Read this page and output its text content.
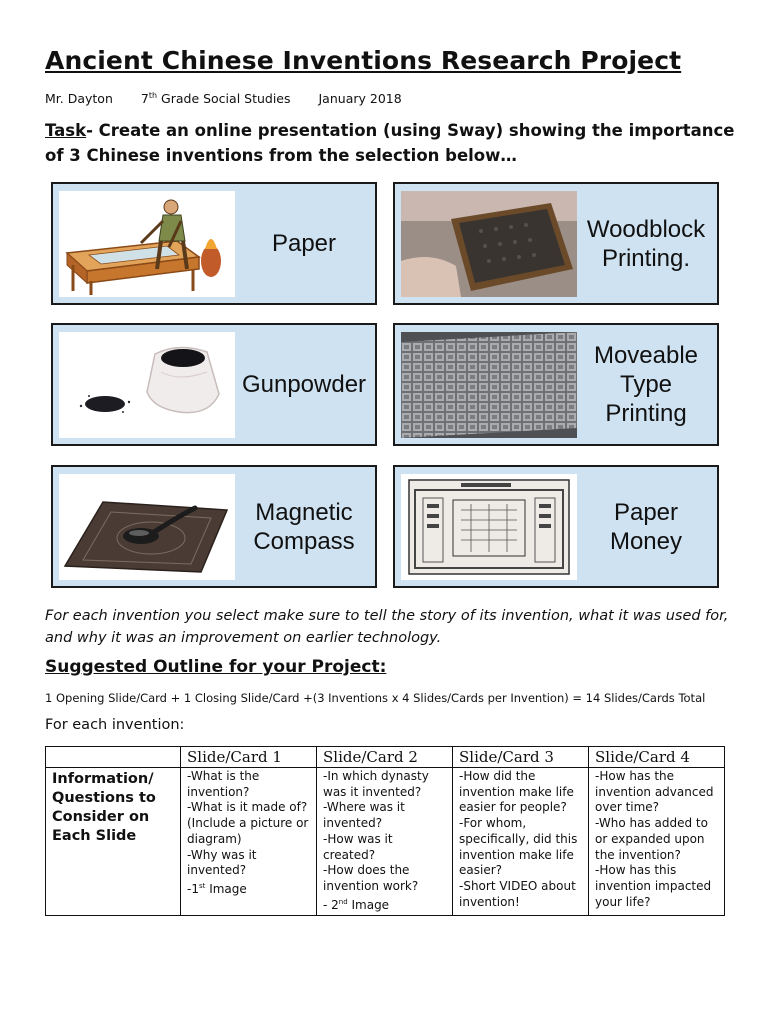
Ancient Chinese Inventions Research Project
Mr. Dayton 7th Grade Social Studies January 2018
Task- Create an online presentation (using Sway) showing the importance of 3 Chinese inventions from the selection below…
Paper
Woodblock Printing.
Gunpowder
Moveable Type Printing
Magnetic Compass
Paper Money
For each invention you select make sure to tell the story of its invention, what it was used for, and why it was an improvement on earlier technology.
Suggested Outline for your Project:
1 Opening Slide/Card + 1 Closing Slide/Card +(3 Inventions x 4 Slides/Cards per Invention) = 14 Slides/Cards Total
For each invention:
	Slide/Card 1	Slide/Card 2	Slide/Card 3	Slide/Card 4
Information/ Questions to Consider on Each Slide	-What is the invention?
-What is it made of? (Include a picture or diagram)
-Why was it invented?
-1st Image	-In which dynasty was it invented?
-Where was it invented?
-How was it created?
-How does the invention work?
- 2nd Image	-How did the invention make life easier for people?
-For whom, specifically, did this invention make life easier?
-Short VIDEO about invention!	-How has the invention advanced over time?
-Who has added to or expanded upon the invention?
-How has this invention impacted your life?
